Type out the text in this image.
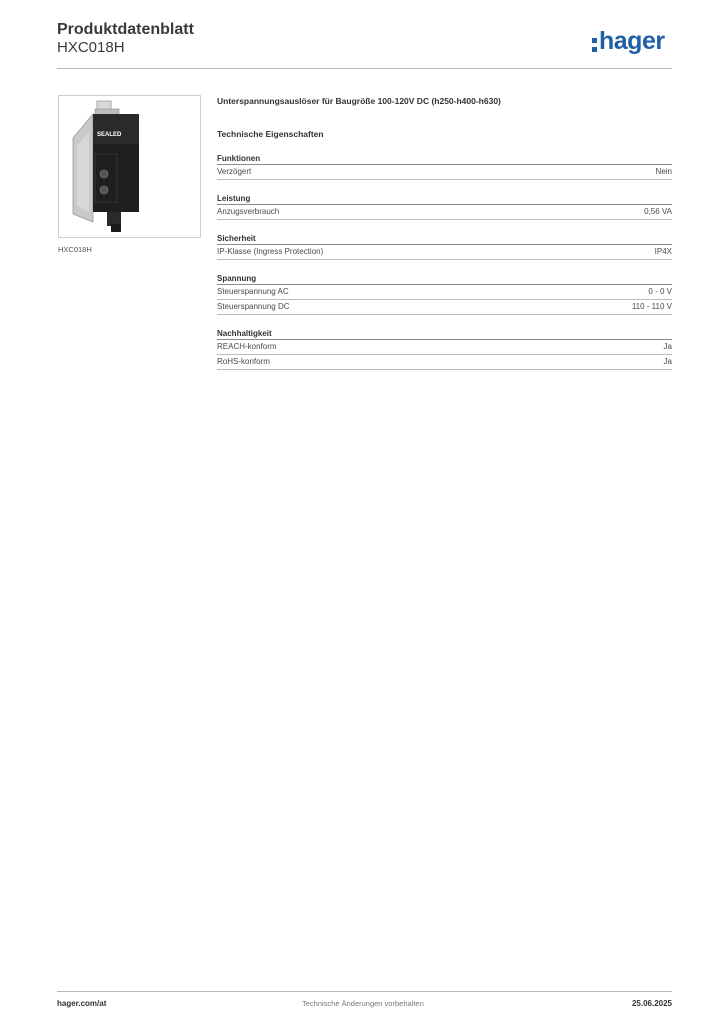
Produktdatenblatt
HXC018H	hager
SEALED
HXC018H
Unterspannungsauslöser für Baugröße 100-120V DC (h250-h400-h630)
Technische Eigenschaften
Funktionen
Verzögert	Nein
Leistung
Anzugsverbrauch	0,56 VA
Sicherheit
IP-Klasse (Ingress Protection)	IP4X
Spannung
Steuerspannung AC	0 - 0 V
Steuerspannung DC	110 - 110 V
Nachhaltigkeit
REACH-konform	Ja
RoHS-konform	Ja
hager.com/at	Technische Änderungen vorbehalten	25.06.2025
